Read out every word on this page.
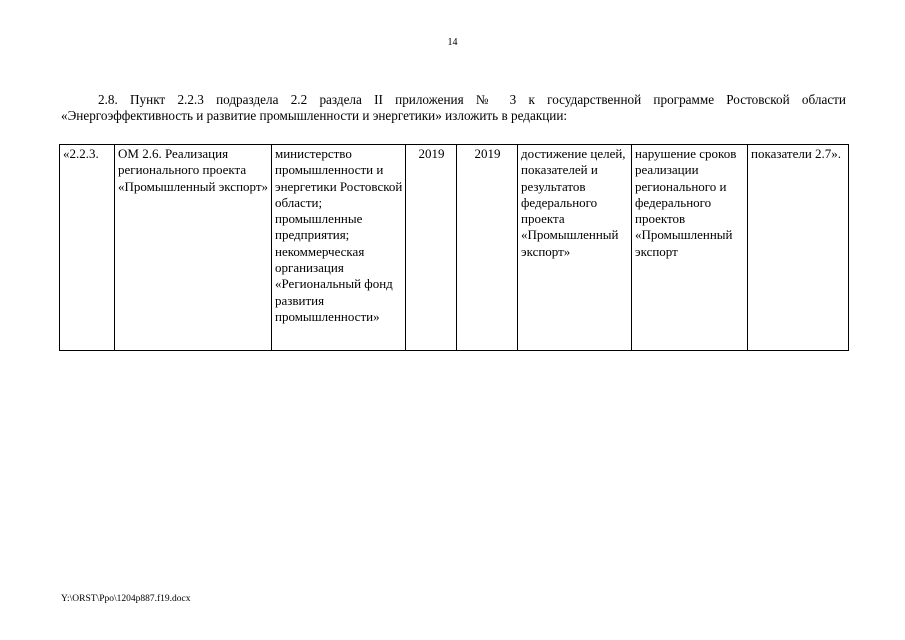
14
2.8. Пункт 2.2.3 подраздела 2.2 раздела II приложения № 3 к государственной программе Ростовской области
«Энергоэффективность и развитие промышленности и энергетики» изложить в редакции:
«2.2.3.	ОМ 2.6. Реализация регионального проекта «Промышленный экспорт»	министерство промышленности и энергетики Ростовской области; промышленные предприятия; некоммерческая организация «Региональный фонд развития промышленности»	2019	2019	достижение целей, показателей и результатов федерального проекта «Промышленный экспорт»	нарушение сроков реализации регионального и федерального проектов «Промышленный экспорт	показатели 2.7».
Y:\ORST\Ppo\1204p887.f19.docx
